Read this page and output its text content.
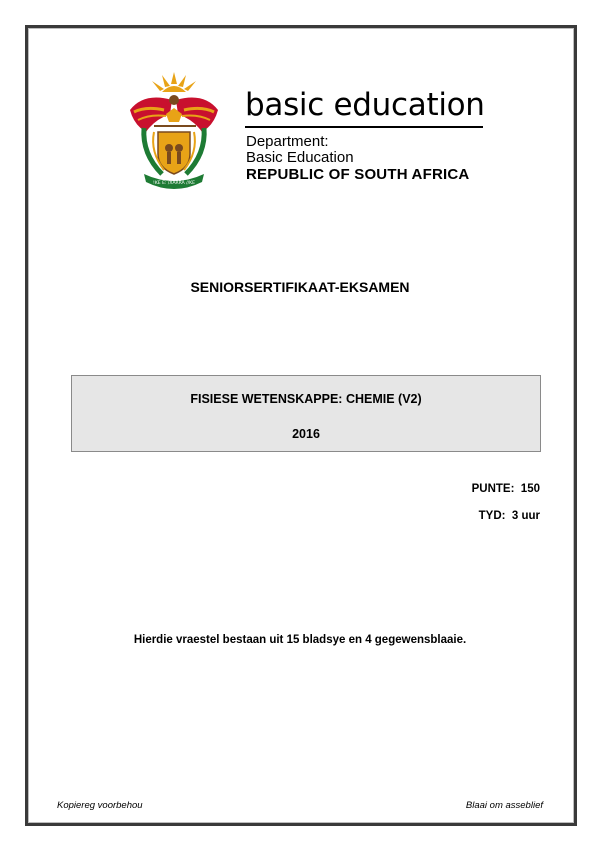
!KE E: /XARRA //KE
basic education
Department:
Basic Education
REPUBLIC OF SOUTH AFRICA
SENIORSERTIFIKAAT-EKSAMEN
FISIESE WETENSKAPPE: CHEMIE (V2)
2016
PUNTE:  150
TYD:  3 uur
Hierdie vraestel bestaan uit 15 bladsye en 4 gegewensblaaie.
Kopiereg voorbehou	Blaai om asseblief
